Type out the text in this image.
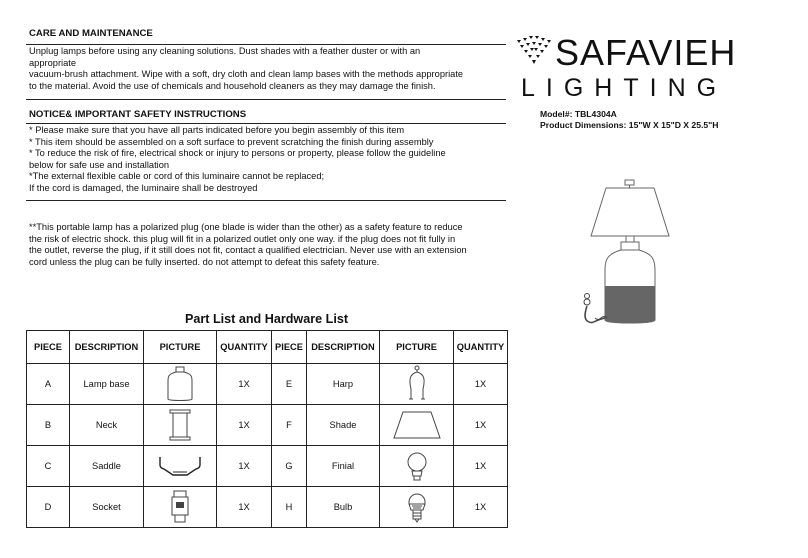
CARE AND MAINTENANCE
Unplug lamps before using any cleaning solutions. Dust shades with a feather duster or with an
appropriate
vacuum-brush attachment. Wipe with a soft, dry cloth and clean lamp bases with the methods appropriate
to the material. Avoid the use of chemicals and household cleaners as they may damage the finish.
NOTICE& IMPORTANT SAFETY INSTRUCTIONS
* Please make sure that you have all parts indicated before you begin assembly of this item
* This item should be assembled on a soft surface to prevent scratching the finish during assembly
* To reduce the risk of fire, electrical shock or injury to persons or property, please follow the guideline
below for safe use and installation
*The external flexible cable or cord of this luminaire cannot be replaced;
If the cord is damaged, the luminaire shall be destroyed
**This portable lamp has a polarized plug (one blade is wider than the other) as a safety feature to reduce
the risk of electric shock. this plug will fit in a polarized outlet only one way. if the plug does not fit fully in
the outlet, reverse the plug, if it still does not fit, contact a qualified electrician. Never use with an extension
cord unless the plug can be fully inserted. do not attempt to defeat this safety feature.
SAFAVIEH
LIGHTING
Model#: TBL4304A
Product Dimensions: 15"W X 15"D X 25.5"H
Part List and Hardware List
PIECE	DESCRIPTION	PICTURE	QUANTITY	PIECE	DESCRIPTION	PICTURE	QUANTITY
A	Lamp base		1X	E	Harp		1X
B	Neck		1X	F	Shade		1X
C	Saddle		1X	G	Finial		1X
D	Socket		1X	H	Bulb		1X
